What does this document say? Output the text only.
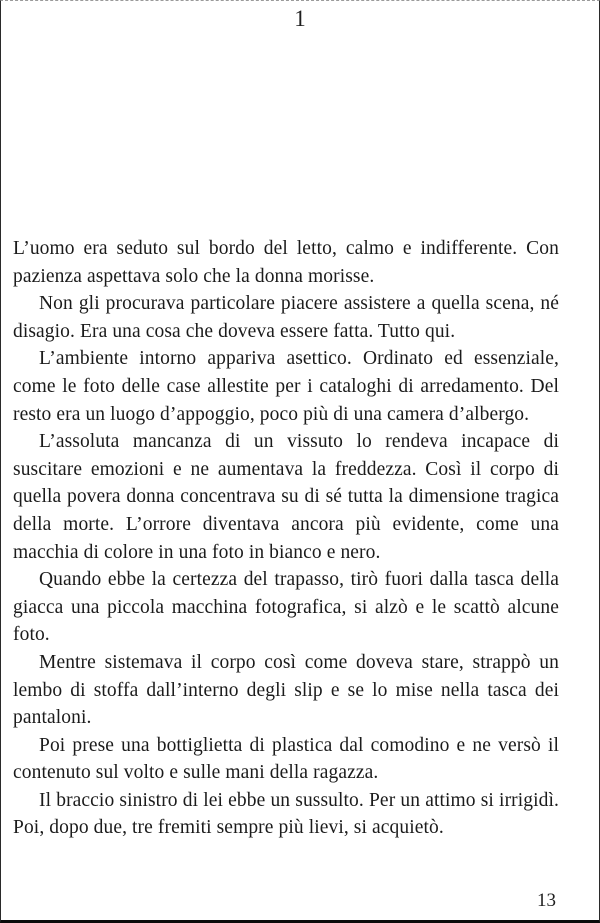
1

L’uomo era seduto sul bordo del letto, calmo e indifferente. Con pazienza aspettava solo che la donna morisse.

Non gli procurava particolare piacere assistere a quella scena, né disagio. Era una cosa che doveva essere fatta. Tutto qui.

L’ambiente intorno appariva asettico. Ordinato ed essenziale, come le foto delle case allestite per i cataloghi di arredamento. Del resto era un luogo d’appoggio, poco più di una camera d’albergo.

L’assoluta mancanza di un vissuto lo rendeva incapace di suscitare emozioni e ne aumentava la freddezza. Così il corpo di quella povera donna concentrava su di sé tutta la dimensione tragica della morte. L’orrore diventava ancora più evidente, come una macchia di colore in una foto in bianco e nero.

Quando ebbe la certezza del trapasso, tirò fuori dalla tasca della giacca una piccola macchina fotografica, si alzò e le scattò alcune foto.

Mentre sistemava il corpo così come doveva stare, strappò un lembo di stoffa dall’interno degli slip e se lo mise nella tasca dei pantaloni.

Poi prese una bottiglietta di plastica dal comodino e ne versò il contenuto sul volto e sulle mani della ragazza.

Il braccio sinistro di lei ebbe un sussulto. Per un attimo si irrigidì. Poi, dopo due, tre fremiti sempre più lievi, si acquietò.

13
